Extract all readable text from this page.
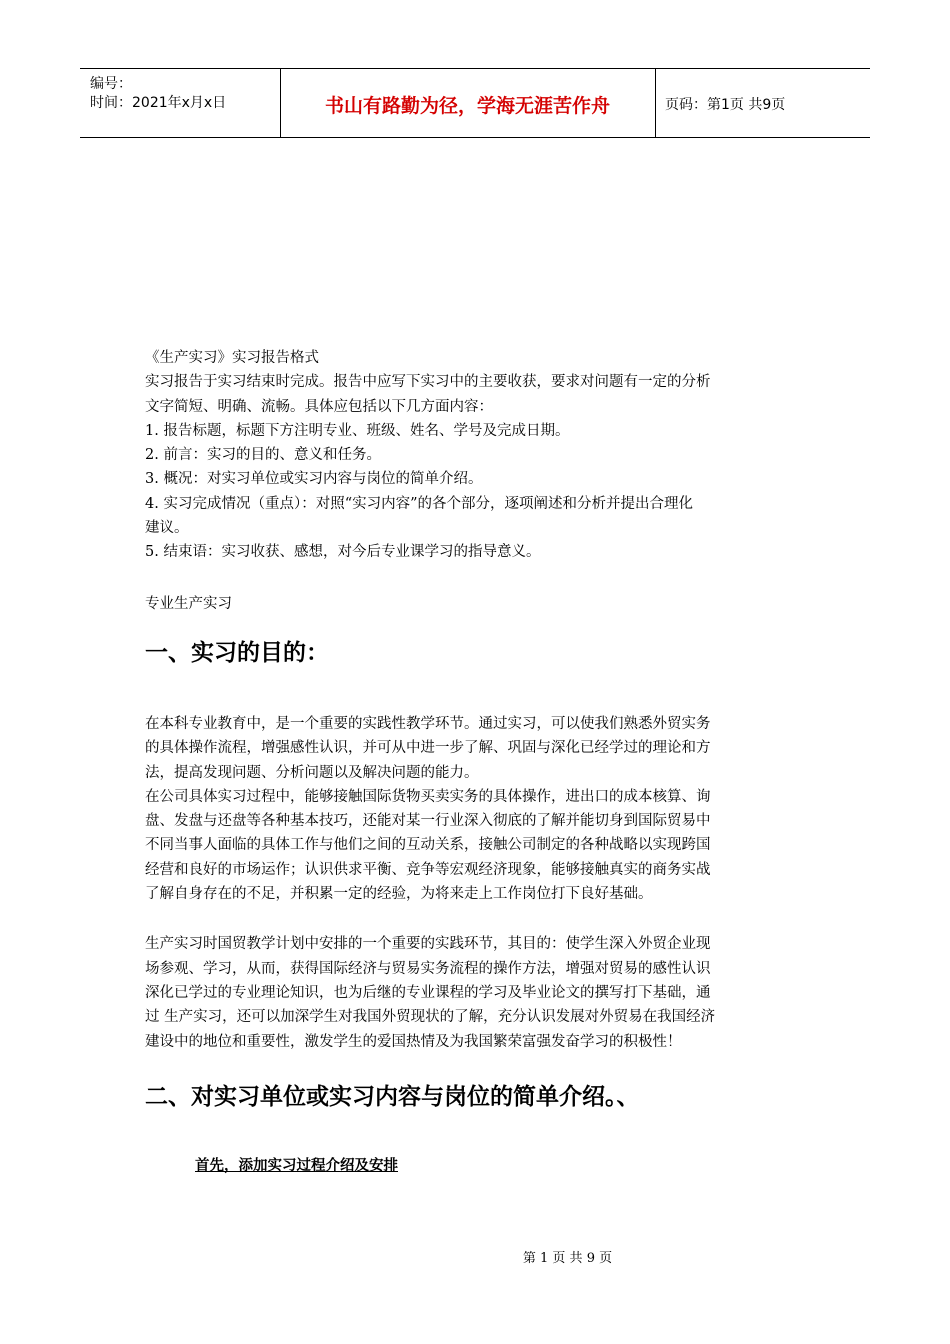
编号：
时间：2021年x月x日	书山有路勤为径，学海无涯苦作舟	页码：第1页 共9页

《生产实习》实习报告格式

实习报告于实习结束时完成。报告中应写下实习中的主要收获，要求对问题有一定的分析

文字简短、明确、流畅。具体应包括以下几方面内容：

1. 报告标题，标题下方注明专业、班级、姓名、学号及完成日期。

2. 前言：实习的目的、意义和任务。

3. 概况：对实习单位或实习内容与岗位的简单介绍。

4. 实习完成情况（重点）：对照“实习内容”的各个部分，逐项阐述和分析并提出合理化

建议。

5. 结束语：实习收获、感想，对今后专业课学习的指导意义。

专业生产实习

一、实习的目的：

在本科专业教育中，是一个重要的实践性教学环节。通过实习，可以使我们熟悉外贸实务

的具体操作流程，增强感性认识，并可从中进一步了解、巩固与深化已经学过的理论和方

法，提高发现问题、分析问题以及解决问题的能力。

在公司具体实习过程中，能够接触国际货物买卖实务的具体操作，进出口的成本核算、询

盘、发盘与还盘等各种基本技巧，还能对某一行业深入彻底的了解并能切身到国际贸易中

不同当事人面临的具体工作与他们之间的互动关系，接触公司制定的各种战略以实现跨国

经营和良好的市场运作；认识供求平衡、竞争等宏观经济现象，能够接触真实的商务实战

了解自身存在的不足，并积累一定的经验，为将来走上工作岗位打下良好基础。

生产实习时国贸教学计划中安排的一个重要的实践环节，其目的：使学生深入外贸企业现

场参观、学习，从而，获得国际经济与贸易实务流程的操作方法，增强对贸易的感性认识

深化已学过的专业理论知识，也为后继的专业课程的学习及毕业论文的撰写打下基础，通

过 生产实习，还可以加深学生对我国外贸现状的了解，充分认识发展对外贸易在我国经济

建设中的地位和重要性，激发学生的爱国热情及为我国繁荣富强发奋学习的积极性！

二、对实习单位或实习内容与岗位的简单介绍。、

首先，添加实习过程介绍及安排

第 1 页 共 9 页
